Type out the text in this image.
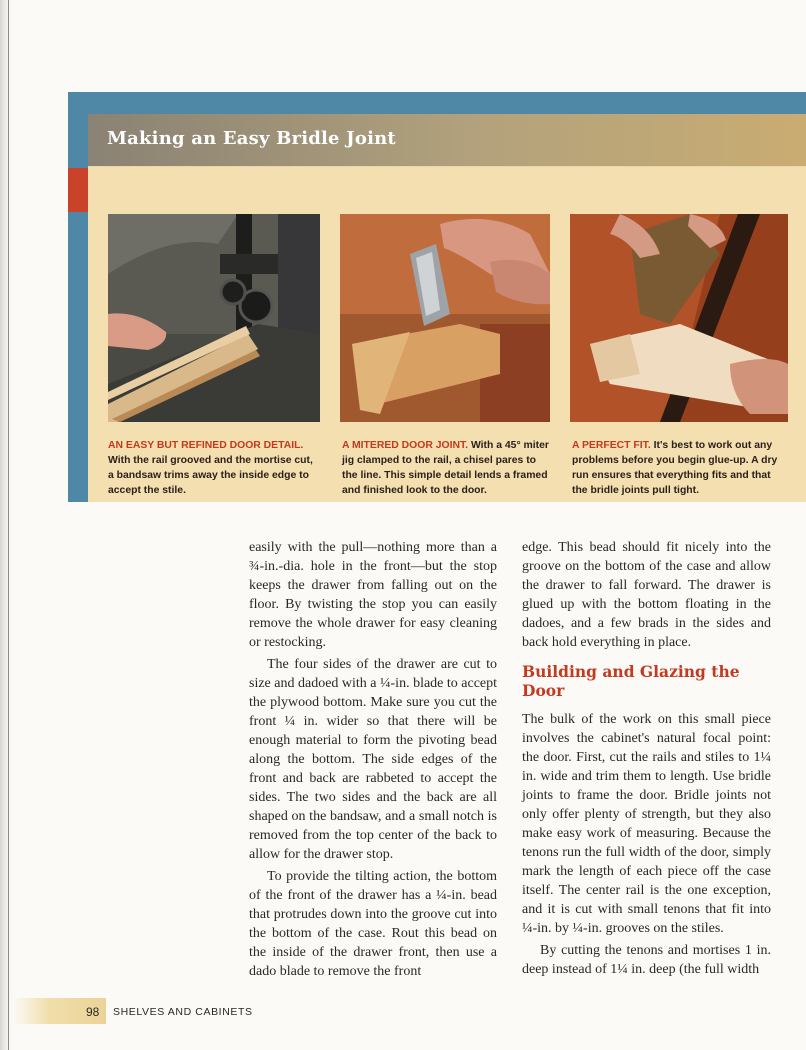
Making an Easy Bridle Joint
AN EASY BUT REFINED DOOR DETAIL. With the rail grooved and the mortise cut, a bandsaw trims away the inside edge to accept the stile.
A MITERED DOOR JOINT. With a 45° miter jig clamped to the rail, a chisel pares to the line. This simple detail lends a framed and finished look to the door.
A PERFECT FIT. It's best to work out any problems before you begin glue-up. A dry run ensures that everything fits and that the bridle joints pull tight.

easily with the pull—nothing more than a ¾-in.-dia. hole in the front—but the stop keeps the drawer from falling out on the floor. By twisting the stop you can easily remove the whole drawer for easy cleaning or restocking.

The four sides of the drawer are cut to size and dadoed with a ¼-in. blade to accept the plywood bottom. Make sure you cut the front ¼ in. wider so that there will be enough material to form the pivoting bead along the bottom. The side edges of the front and back are rabbeted to accept the sides. The two sides and the back are all shaped on the bandsaw, and a small notch is removed from the top center of the back to allow for the drawer stop.

To provide the tilting action, the bottom of the front of the drawer has a ¼-in. bead that protrudes down into the groove cut into the bottom of the case. Rout this bead on the inside of the drawer front, then use a dado blade to remove the front

edge. This bead should fit nicely into the groove on the bottom of the case and allow the drawer to fall forward. The drawer is glued up with the bottom floating in the dadoes, and a few brads in the sides and back hold everything in place.

Building and Glazing the Door

The bulk of the work on this small piece involves the cabinet's natural focal point: the door. First, cut the rails and stiles to 1¼ in. wide and trim them to length. Use bridle joints to frame the door. Bridle joints not only offer plenty of strength, but they also make easy work of measuring. Because the tenons run the full width of the door, simply mark the length of each piece off the case itself. The center rail is the one exception, and it is cut with small tenons that fit into ¼-in. by ¼-in. grooves on the stiles.

By cutting the tenons and mortises 1 in. deep instead of 1¼ in. deep (the full width

98 SHELVES AND CABINETS
